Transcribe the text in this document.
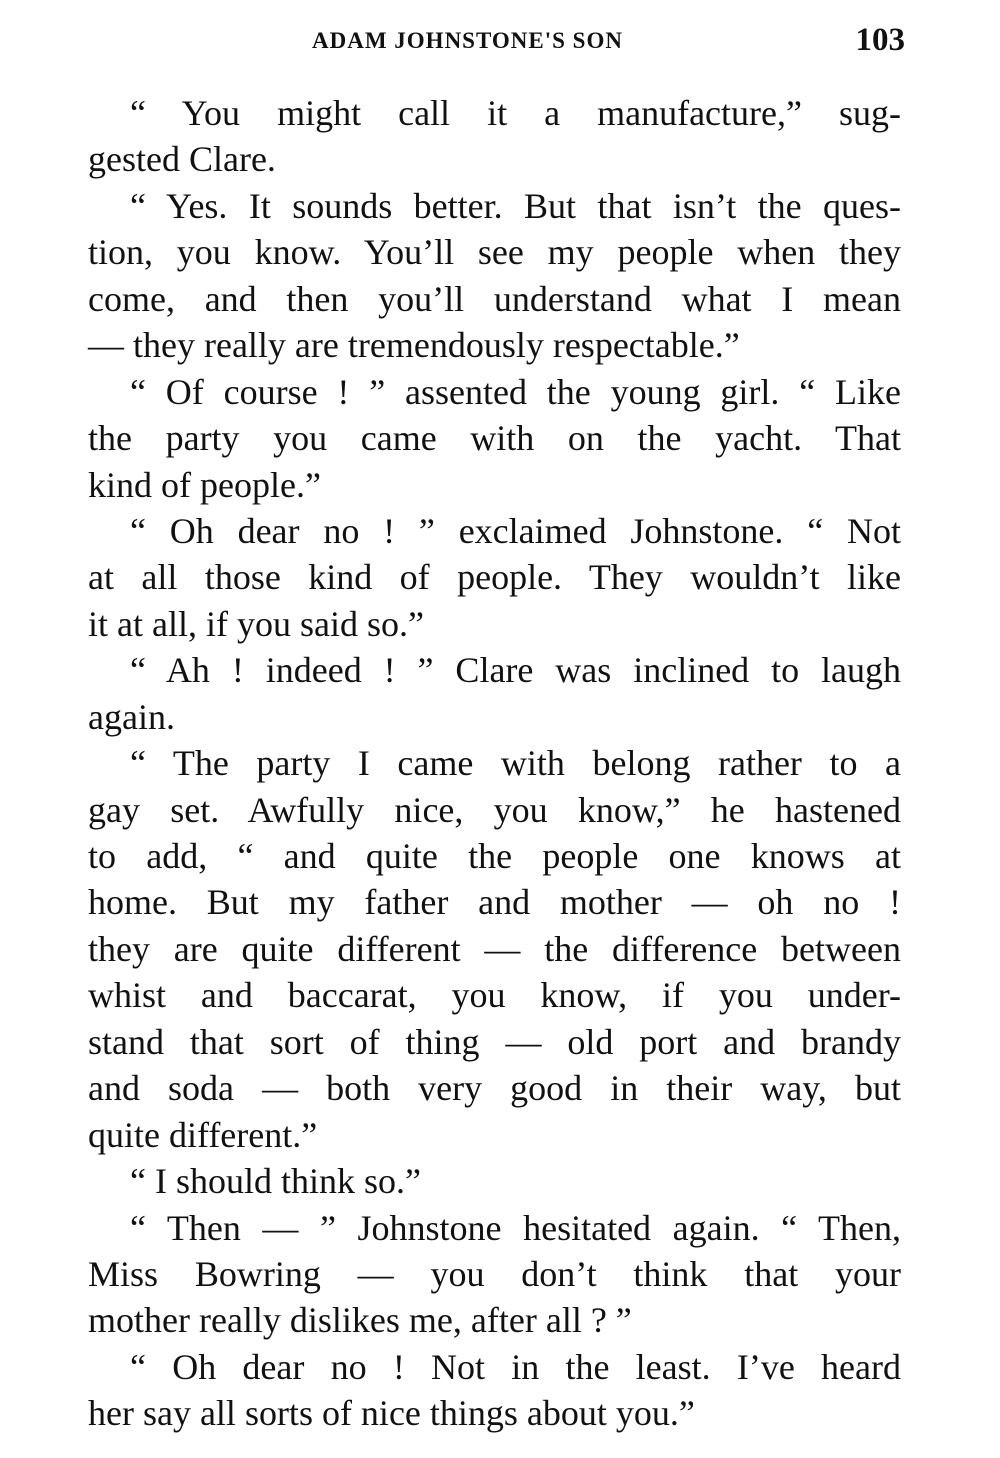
ADAM JOHNSTONE'S SON	103
“ You might call it a manufacture,” sug-
gested Clare.
“ Yes. It sounds better. But that isn’t the ques-
tion, you know. You’ll see my people when they
come, and then you’ll understand what I mean
— they really are tremendously respectable.”
“ Of course ! ” assented the young girl. “ Like
the party you came with on the yacht. That
kind of people.”
“ Oh dear no ! ” exclaimed Johnstone. “ Not
at all those kind of people. They wouldn’t like
it at all, if you said so.”
“ Ah ! indeed ! ” Clare was inclined to laugh
again.
“ The party I came with belong rather to a
gay set. Awfully nice, you know,” he hastened
to add, “ and quite the people one knows at
home. But my father and mother — oh no !
they are quite different — the difference between
whist and baccarat, you know, if you under-
stand that sort of thing — old port and brandy
and soda — both very good in their way, but
quite different.”
“ I should think so.”
“ Then — ” Johnstone hesitated again. “ Then,
Miss Bowring — you don’t think that your
mother really dislikes me, after all ? ”
“ Oh dear no ! Not in the least. I’ve heard
her say all sorts of nice things about you.”
